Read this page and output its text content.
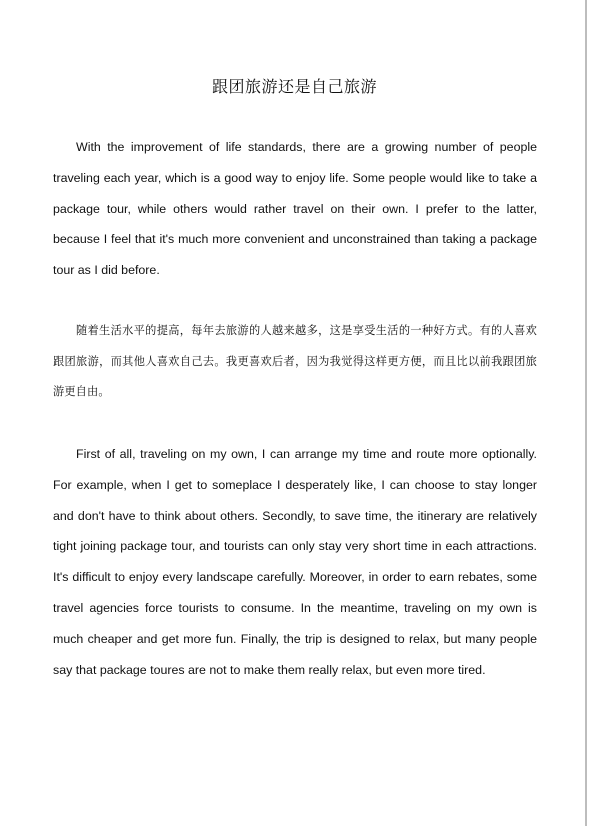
跟团旅游还是自己旅游

With the improvement of life standards, there are a growing number of people traveling each year, which is a good way to enjoy life. Some people would like to take a package tour, while others would rather travel on their own. I prefer to the latter, because I feel that it's much more convenient and unconstrained than taking a package tour as I did before.

随着生活水平的提高，每年去旅游的人越来越多，这是享受生活的一种好方式。有的人喜欢跟团旅游，而其他人喜欢自己去。我更喜欢后者，因为我觉得这样更方便，而且比以前我跟团旅游更自由。

First of all, traveling on my own, I can arrange my time and route more optionally. For example, when I get to someplace I desperately like, I can choose to stay longer and don't have to think about others. Secondly, to save time, the itinerary are relatively tight joining package tour, and tourists can only stay very short time in each attractions. It's difficult to enjoy every landscape carefully. Moreover, in order to earn rebates, some travel agencies force tourists to consume. In the meantime, traveling on my own is much cheaper and get more fun. Finally, the trip is designed to relax, but many people say that package toures are not to make them really relax, but even more tired.
